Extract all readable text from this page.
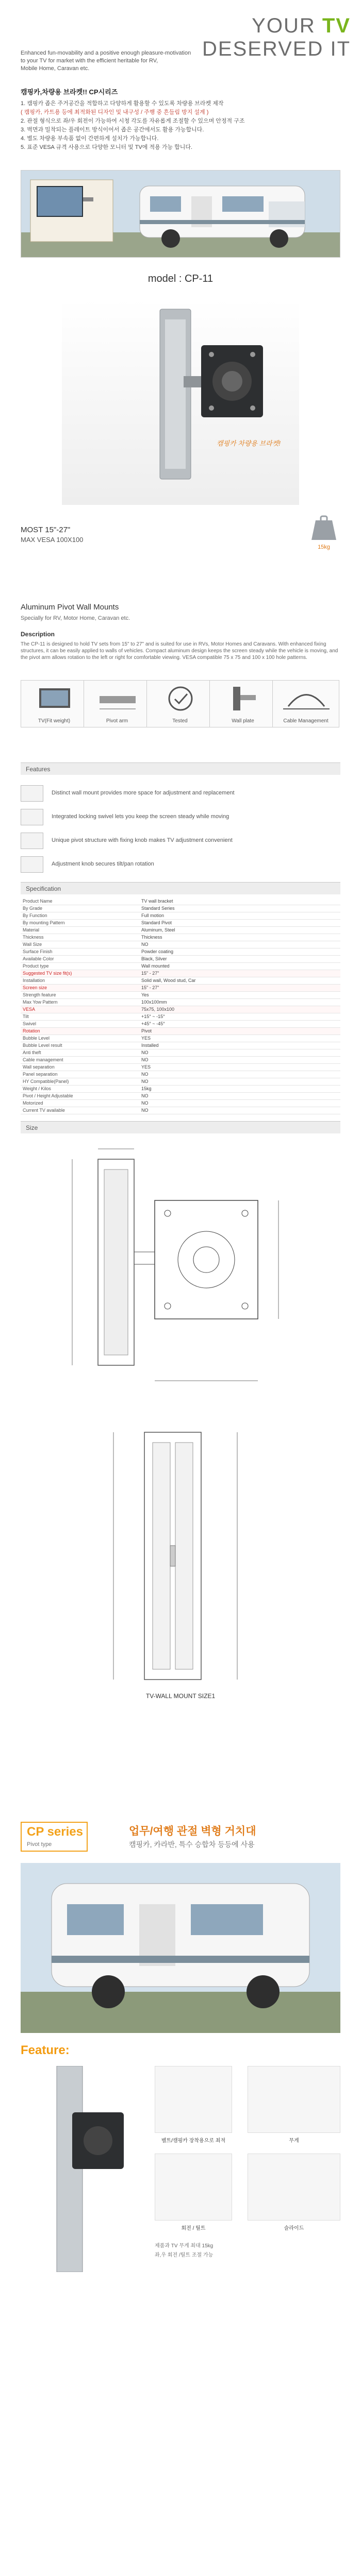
YOUR TV
DESERVED IT
Enhanced fun-movability and a positive enough pleasure-motivation
to your TV for market with the efficient heritable for RV,
Mobile Home, Caravan etc.
캠핑카,차량용 브라켓!! CP시리즈
1. 캠핑카 좁은 주거공간을 적합하고 다양하게 활용할 수 있도록 차량용 브라켓 제작
( 캠핑카, 카트용 등에 최적화된 디자인 및 내구성 / 주행 중 흔들림 방지 설계 )
2. 관절 형식으로 좌/우 회전이 가능하여 시청 각도를 자유롭게 조절할 수 있으며 안정적 구조
3. 벽면과 밀착되는 플레이트 방식이어서 좁은 공간에서도 활용 가능합니다.
4. 별도 차량용 부속품 없이 간편하게 설치가 가능합니다.
5. 표준 VESA 규격 사용으로 다양한 모니터 및 TV에 적용 가능 합니다.
model : CP-11
캠핑카 차량용 브라켓!
MOST 15"-27"
MAX VESA 100X100
15kg
Aluminum Pivot Wall Mounts
Specially for RV, Motor Home, Caravan etc.
Description
The CP-11 is designed to hold TV sets from 15" to 27" and is suited for use in RVs, Motor Homes and Caravans. With enhanced fixing structures, it can be easily applied to walls of vehicles. Compact aluminum design keeps the screen steady while the vehicle is moving, and the pivot arm allows rotation to the left or right for comfortable viewing. VESA compatible 75 x 75 and 100 x 100 hole patterns.
TV(Fit weight)	Pivot arm	Tested	Wall plate	Cable Management
Features
Distinct wall mount provides more space for adjustment and replacement
Integrated locking swivel lets you keep the screen steady while moving
Unique pivot structure with fixing knob makes TV adjustment convenient
Adjustment knob secures tilt/pan rotation
Specification
Product Name	TV wall bracket
By Grade	Standard Series
By Function	Full motion
By mounting Pattern	Standard Pivot
Material	Aluminum, Steel
Thickness	Thickness
Wall Size	NO
Surface Finish	Powder coating
Available Color	Black, Silver
Product type	Wall mounted
Suggested TV size fit(s)	15" - 27"
Installation	Solid wall, Wood stud, Car
Screen size	15" - 27"
Strength feature	Yes
Max Yow Pattern	100x100mm
VESA	75x75, 100x100
Tilt	+15° ~ -15°
Swivel	+45° ~ -45°
Rotation	Pivot
Bubble Level	YES
Bubble Level result	Installed
Anti theft	NO
Cable management	NO
Wall separation	YES
Panel separation	NO
HY Compatible(Panel)	NO
Weight / Kilos	15kg
Pivot / Height Adjustable	NO
Motorized	NO
Current TV available	NO
Size
TV-WALL MOUNT SIZE1
CP series
Pivot type
업무/여행 관절 벽형 거치대
캠핑카, 카라반, 특수 승합차 등등에 사용
Feature:
벨트/캠핑카 장착용으로 최적	무게
회전 / 틸트	슬라이드
제품과 TV 무게 최대 15kg
좌,우 회전 /틸트 조절 가능
